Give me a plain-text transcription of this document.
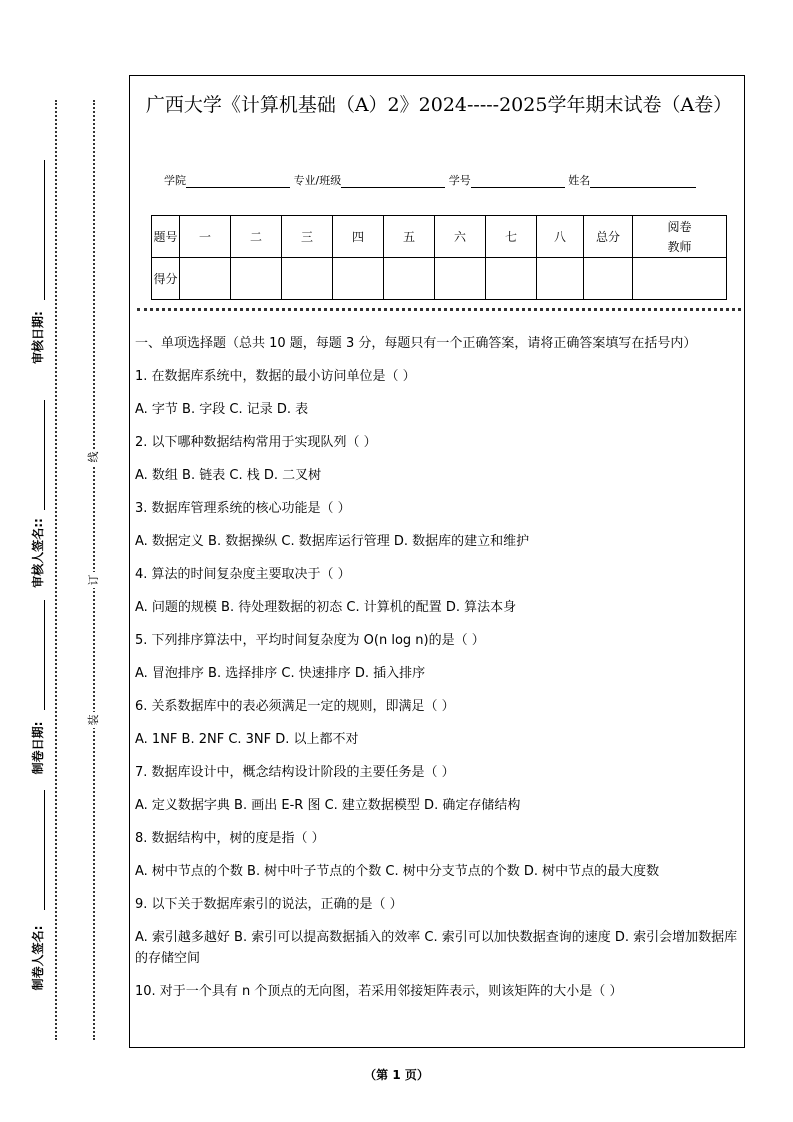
审核日期:
审核人签名::
制卷日期:
制卷人签名:
线
订
装
广西大学《计算机基础（A）2》2024-----2025学年期末试卷（A卷）
学院	专业/班级	学号	姓名
题号	一	二	三	四	五	六	七	八	总分	阅卷教师
得分										

一、单项选择题（总共 10 题，每题 3 分，每题只有一个正确答案，请将正确答案填写在括号内）

1. 在数据库系统中，数据的最小访问单位是（ ）

A. 字节 B. 字段 C. 记录 D. 表

2. 以下哪种数据结构常用于实现队列（ ）

A. 数组 B. 链表 C. 栈 D. 二叉树

3. 数据库管理系统的核心功能是（ ）

A. 数据定义 B. 数据操纵 C. 数据库运行管理 D. 数据库的建立和维护

4. 算法的时间复杂度主要取决于（ ）

A. 问题的规模 B. 待处理数据的初态 C. 计算机的配置 D. 算法本身

5. 下列排序算法中，平均时间复杂度为 O(n log n)的是（ ）

A. 冒泡排序 B. 选择排序 C. 快速排序 D. 插入排序

6. 关系数据库中的表必须满足一定的规则，即满足（ ）

A. 1NF B. 2NF C. 3NF D. 以上都不对

7. 数据库设计中，概念结构设计阶段的主要任务是（ ）

A. 定义数据字典 B. 画出 E-R 图 C. 建立数据模型 D. 确定存储结构

8. 数据结构中，树的度是指（ ）

A. 树中节点的个数 B. 树中叶子节点的个数 C. 树中分支节点的个数 D. 树中节点的最大度数

9. 以下关于数据库索引的说法，正确的是（ ）

A. 索引越多越好 B. 索引可以提高数据插入的效率 C. 索引可以加快数据查询的速度 D. 索引会增加数据库的存储空间

10. 对于一个具有 n 个顶点的无向图，若采用邻接矩阵表示，则该矩阵的大小是（ ）

（第 1 页）
